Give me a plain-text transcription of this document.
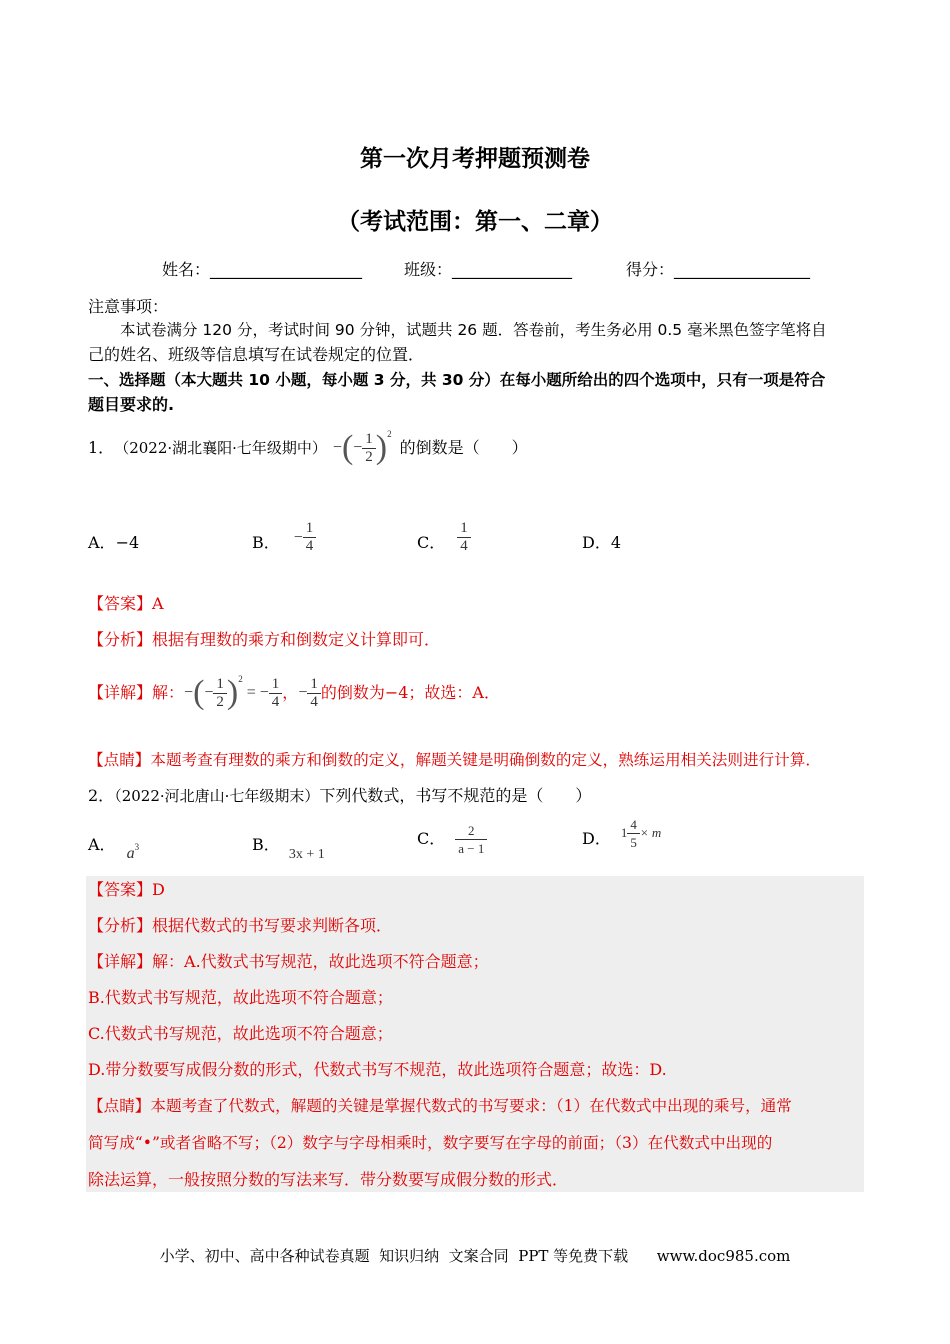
第一次月考押题预测卷
（考试范围：第一、二章）
姓名：___________________	班级：_______________	得分：_________________
注意事项：
本试卷满分 120 分，考试时间 90 分钟，试题共 26 题．答卷前，考生务必用 0.5 毫米黑色签字笔将自
己的姓名、班级等信息填写在试卷规定的位置．
一、选择题（本大题共 10 小题，每小题 3 分，共 30 分）在每小题所给出的四个选项中，只有一项是符合
题目要求的.
1． （2022·湖北襄阳·七年级期中） − ( − $\frac{1}{2}$ ) 2
的倒数是（　　）
A．−4	B． − $\frac{1}{4}$	C． $\frac{1}{4}$	D．4
【答案】A
【分析】根据有理数的乘方和倒数定义计算即可．
【详解】 解： − ( − $\frac{1}{2}$ ) 2
= − $\frac{1}{4}$ ， − $\frac{1}{4}$ 的倒数为−4；故选：A．
【点睛】本题考查有理数的乘方和倒数的定义，解题关键是明确倒数的定义，熟练运用相关法则进行计算．
2．（2022·河北唐山·七年级期末）下列代数式，书写不规范的是（　　）
A． $a^3$	B． 3x + 1
C． $\frac{2}{a - 1}$	D． $1 \frac{4}{5} \times m$
【答案】D
【分析】根据代数式的书写要求判断各项．
【详解】解：A.代数式书写规范，故此选项不符合题意；
B.代数式书写规范，故此选项不符合题意；
C.代数式书写规范，故此选项不符合题意；
D.带分数要写成假分数的形式，代数式书写不规范，故此选项符合题意；故选：D.
【点睛】本题考查了代数式，解题的关键是掌握代数式的书写要求：（1）在代数式中出现的乘号，通常
简写成“•”或者省略不写；（2）数字与字母相乘时，数字要写在字母的前面；（3）在代数式中出现的
除法运算，一般按照分数的写法来写．带分数要写成假分数的形式．
小学、初中、高中各种试卷真题  知识归纳  文案合同  PPT 等免费下载      www.doc985.com
